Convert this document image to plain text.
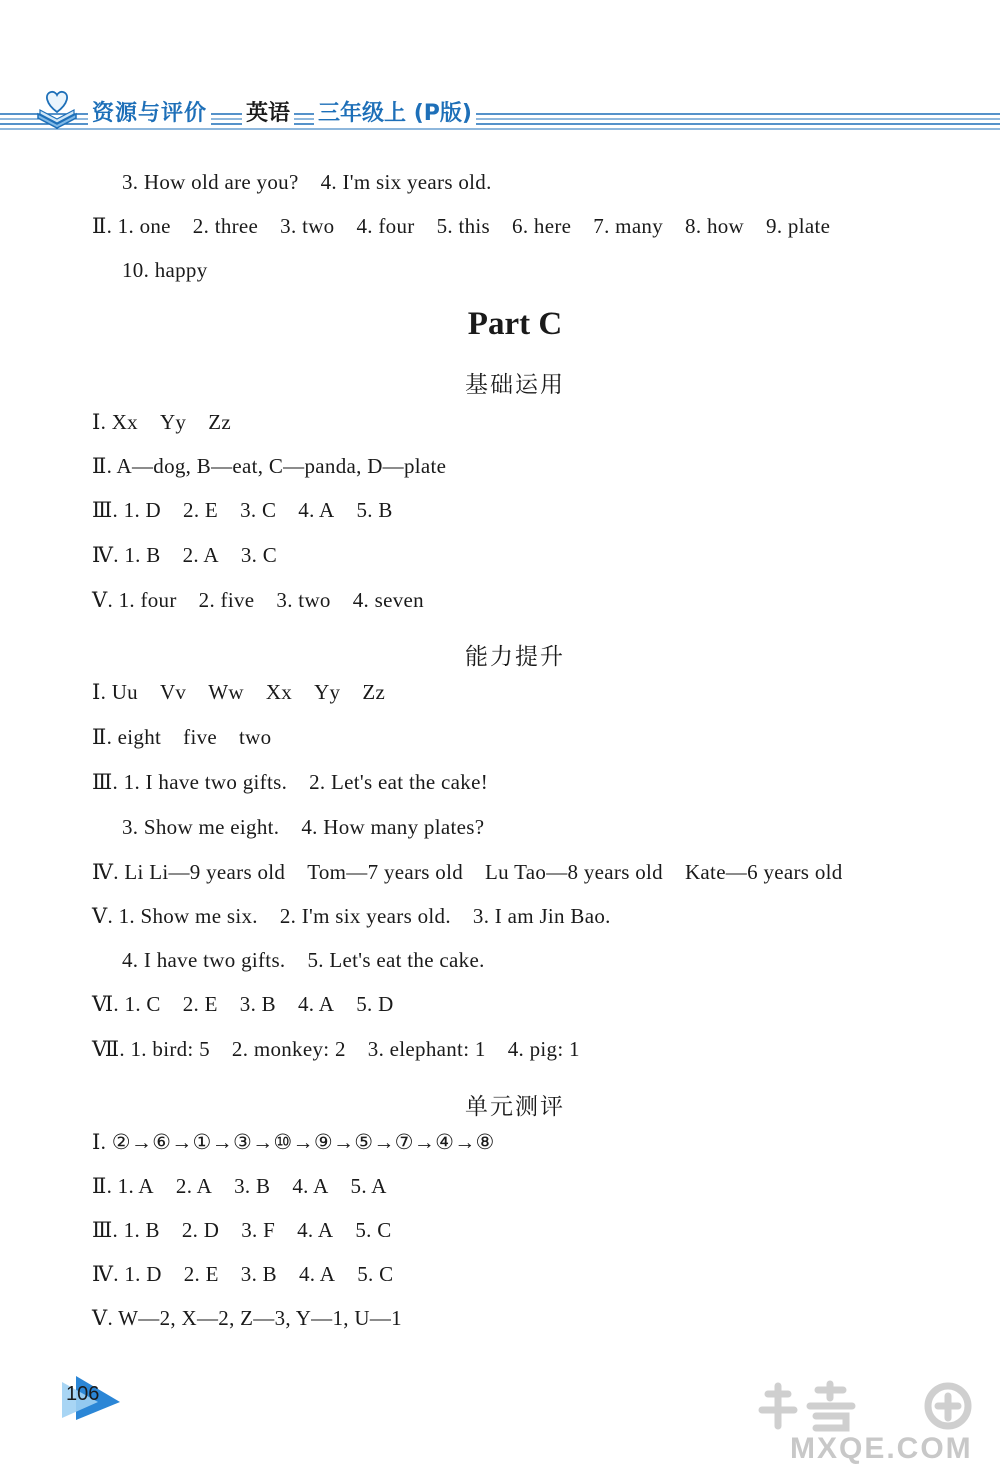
资源与评价 英语 三年级上 (P版)
3. How old are you? 4. I'm six years old.
Ⅱ. 1. one 2. three 3. two 4. four 5. this 6. here 7. many 8. how 9. plate
10. happy
Part C
基础运用
Ⅰ. Xx Yy Zz
Ⅱ. A—dog, B—eat, C—panda, D—plate
Ⅲ. 1. D 2. E 3. C 4. A 5. B
Ⅳ. 1. B 2. A 3. C
Ⅴ. 1. four 2. five 3. two 4. seven
能力提升
Ⅰ. Uu Vv Ww Xx Yy Zz
Ⅱ. eight five two
Ⅲ. 1. I have two gifts. 2. Let's eat the cake!
3. Show me eight. 4. How many plates?
Ⅳ. Li Li—9 years old Tom—7 years old Lu Tao—8 years old Kate—6 years old
Ⅴ. 1. Show me six. 2. I'm six years old. 3. I am Jin Bao.
4. I have two gifts. 5. Let's eat the cake.
Ⅵ. 1. C 2. E 3. B 4. A 5. D
Ⅶ. 1. bird: 5 2. monkey: 2 3. elephant: 1 4. pig: 1
单元测评
Ⅰ. ②→⑥→①→③→⑩→⑨→⑤→⑦→④→⑧
Ⅱ. 1. A 2. A 3. B 4. A 5. A
Ⅲ. 1. B 2. D 3. F 4. A 5. C
Ⅳ. 1. D 2. E 3. B 4. A 5. C
Ⅴ. W—2, X—2, Z—3, Y—1, U—1
106
MXQE.COM
